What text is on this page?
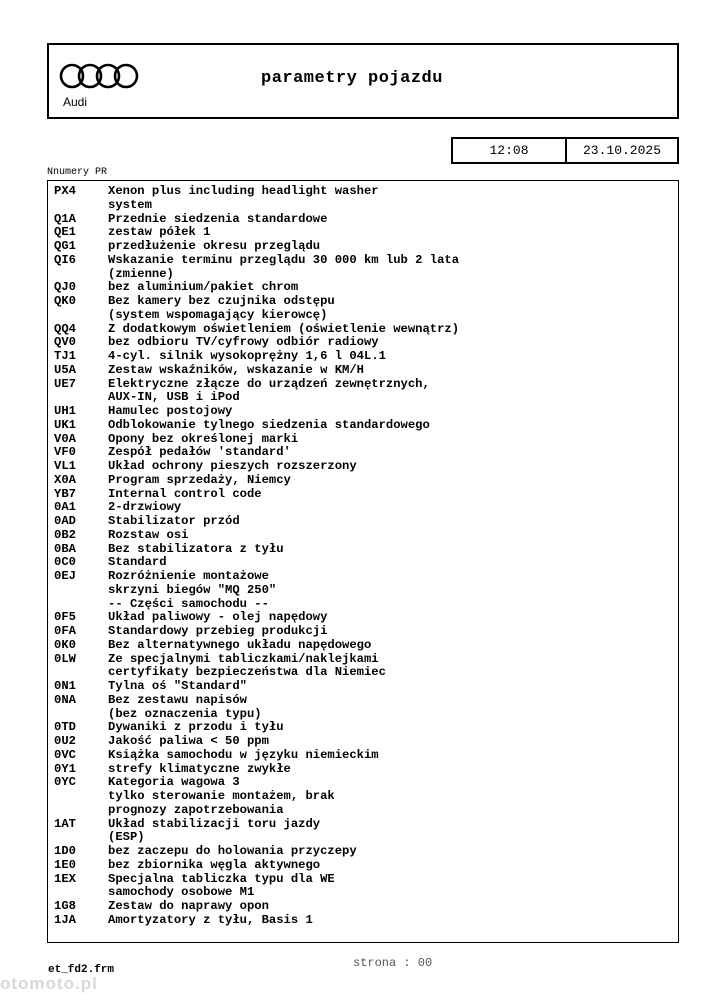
Audi
parametry pojazdu
12:08	23.10.2025
Nnumery PR
PX4	Xenon plus including headlight washer
system
Q1A	Przednie siedzenia standardowe
QE1	zestaw półek 1
QG1	przedłużenie okresu przeglądu
QI6	Wskazanie terminu przeglądu 30 000 km lub 2 lata
(zmienne)
QJ0	bez aluminium/pakiet chrom
QK0	Bez kamery bez czujnika odstępu
(system wspomagający kierowcę)
QQ4	Z dodatkowym oświetleniem (oświetlenie wewnątrz)
QV0	bez odbioru TV/cyfrowy odbiór radiowy
TJ1	4-cyl. silnik wysokoprężny 1,6 l 04L.1
U5A	Zestaw wskaźników, wskazanie w KM/H
UE7	Elektryczne złącze do urządzeń zewnętrznych,
AUX-IN, USB i iPod
UH1	Hamulec postojowy
UK1	Odblokowanie tylnego siedzenia standardowego
V0A	Opony bez określonej marki
VF0	Zespół pedałów 'standard'
VL1	Układ ochrony pieszych rozszerzony
X0A	Program sprzedaży, Niemcy
YB7	Internal control code
0A1	2-drzwiowy
0AD	Stabilizator przód
0B2	Rozstaw osi
0BA	Bez stabilizatora z tyłu
0C0	Standard
0EJ	Rozróżnienie montażowe
skrzyni biegów "MQ 250"
-- Części samochodu --
0F5	Układ paliwowy - olej napędowy
0FA	Standardowy przebieg produkcji
0K0	Bez alternatywnego układu napędowego
0LW	Ze specjalnymi tabliczkami/naklejkami
certyfikaty bezpieczeństwa dla Niemiec
0N1	Tylna oś "Standard"
0NA	Bez zestawu napisów
(bez oznaczenia typu)
0TD	Dywaniki z przodu i tyłu
0U2	Jakość paliwa < 50 ppm
0VC	Książka samochodu w języku niemieckim
0Y1	strefy klimatyczne zwykłe
0YC	Kategoria wagowa 3
tylko sterowanie montażem, brak
prognozy zapotrzebowania
1AT	Układ stabilizacji toru jazdy
(ESP)
1D0	bez zaczepu do holowania przyczepy
1E0	bez zbiornika węgla aktywnego
1EX	Specjalna tabliczka typu dla WE
samochody osobowe M1
1G8	Zestaw do naprawy opon
1JA	Amortyzatory z tyłu, Basis 1
strona : 00
et_fd2.frm
otomoto.pl
